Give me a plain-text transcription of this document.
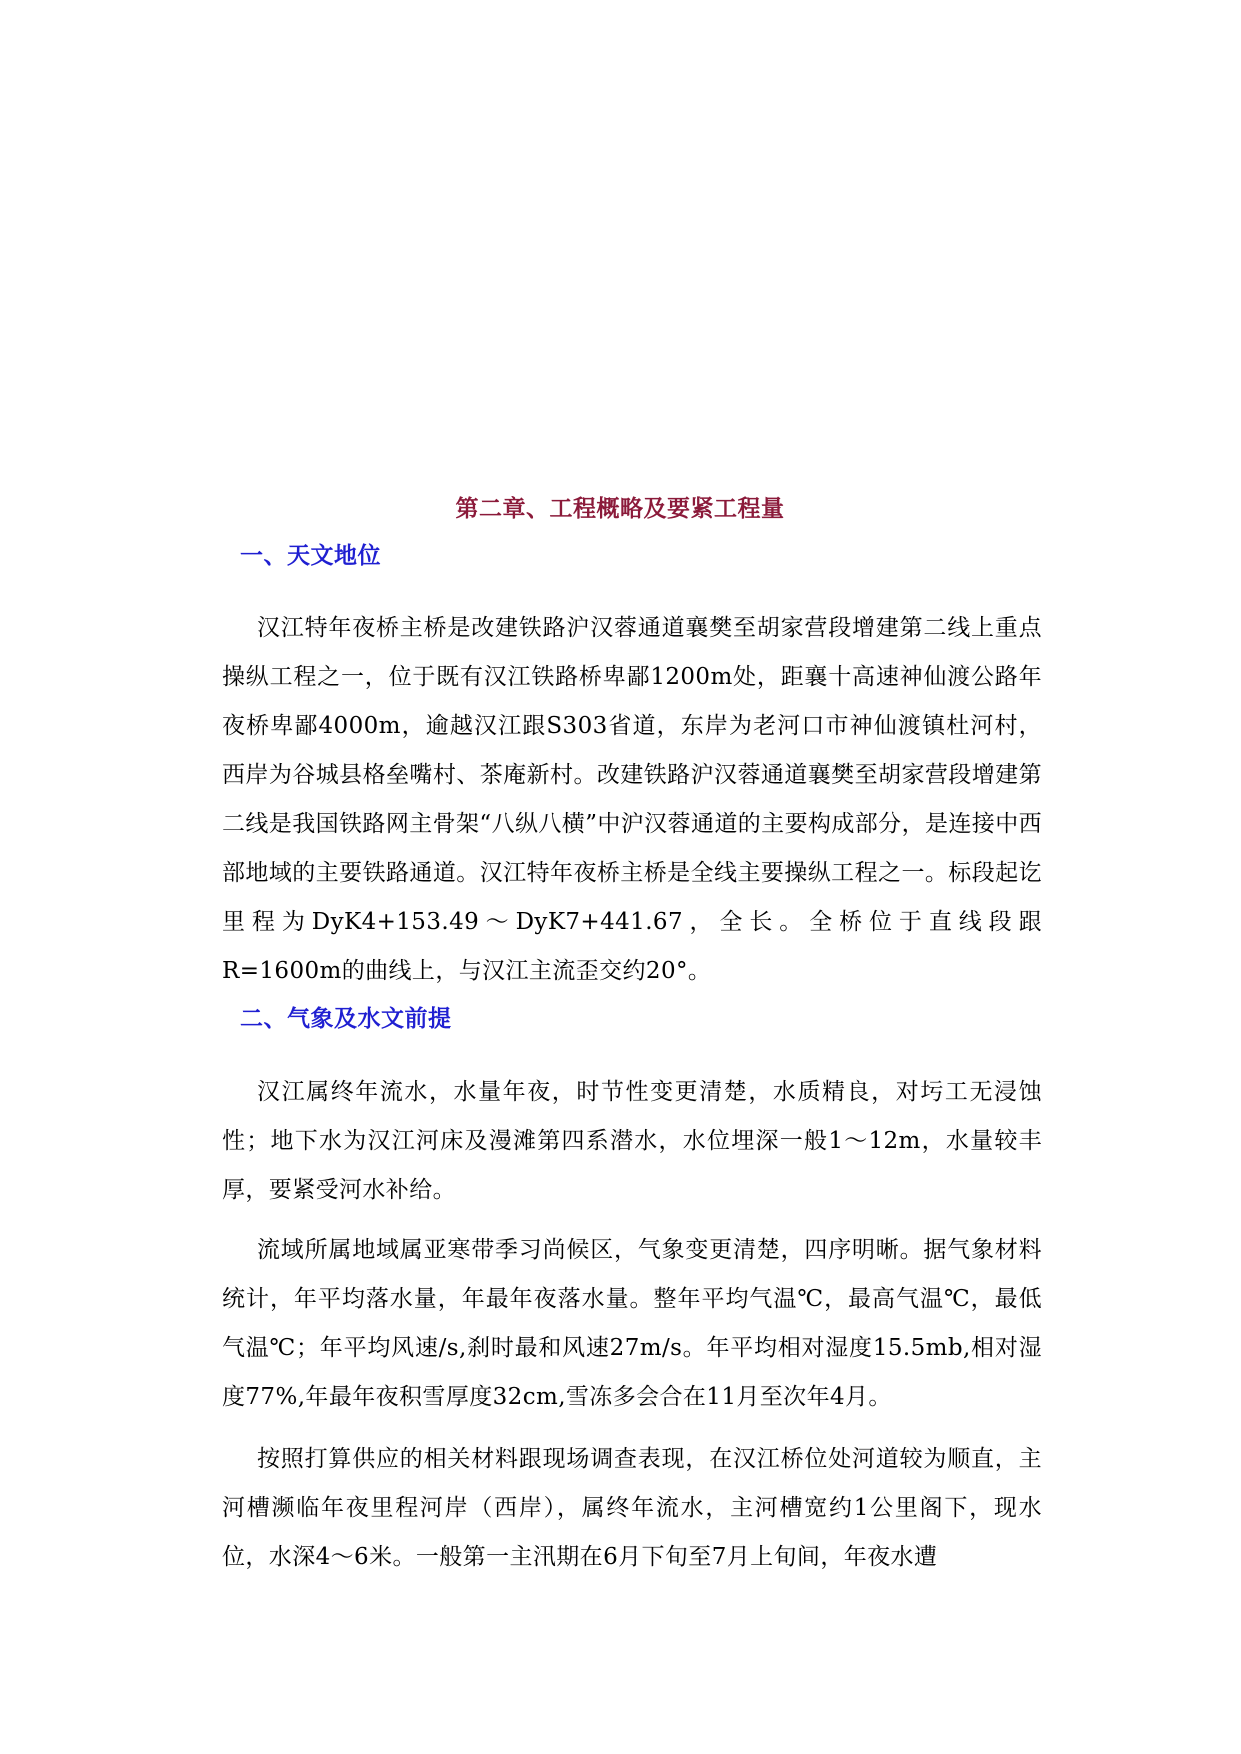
第二章、工程概略及要紧工程量
一、天文地位

汉江特年夜桥主桥是改建铁路沪汉蓉通道襄樊至胡家营段增建第二线上重点操纵工程之一，位于既有汉江铁路桥卑鄙1200m处，距襄十高速神仙渡公路年夜桥卑鄙4000m，逾越汉江跟S303省道，东岸为老河口市神仙渡镇杜河村，西岸为谷城县格垒嘴村、茶庵新村。改建铁路沪汉蓉通道襄樊至胡家营段增建第二线是我国铁路网主骨架“八纵八横”中沪汉蓉通道的主要构成部分，是连接中西部地域的主要铁路通道。汉江特年夜桥主桥是全线主要操纵工程之一。标段起讫里程为DyK4+153.49～DyK7+441.67，全长。全桥位于直线段跟R=1600m的曲线上，与汉江主流歪交约20°。

二、气象及水文前提

汉江属终年流水，水量年夜，时节性变更清楚，水质精良，对圬工无浸蚀性；地下水为汉江河床及漫滩第四系潜水，水位埋深一般1～12m，水量较丰厚，要紧受河水补给。

流域所属地域属亚寒带季习尚候区，气象变更清楚，四序明晰。据气象材料统计，年平均落水量，年最年夜落水量。整年平均气温℃，最高气温℃，最低气温℃；年平均风速/s,刹时最和风速27m/s。年平均相对湿度15.5mb,相对湿度77%,年最年夜积雪厚度32cm,雪冻多会合在11月至次年4月。

按照打算供应的相关材料跟现场调查表现，在汉江桥位处河道较为顺直，主河槽濒临年夜里程河岸（西岸），属终年流水，主河槽宽约1公里阁下，现水位，水深4～6米。一般第一主汛期在6月下旬至7月上旬间，年夜水遭
